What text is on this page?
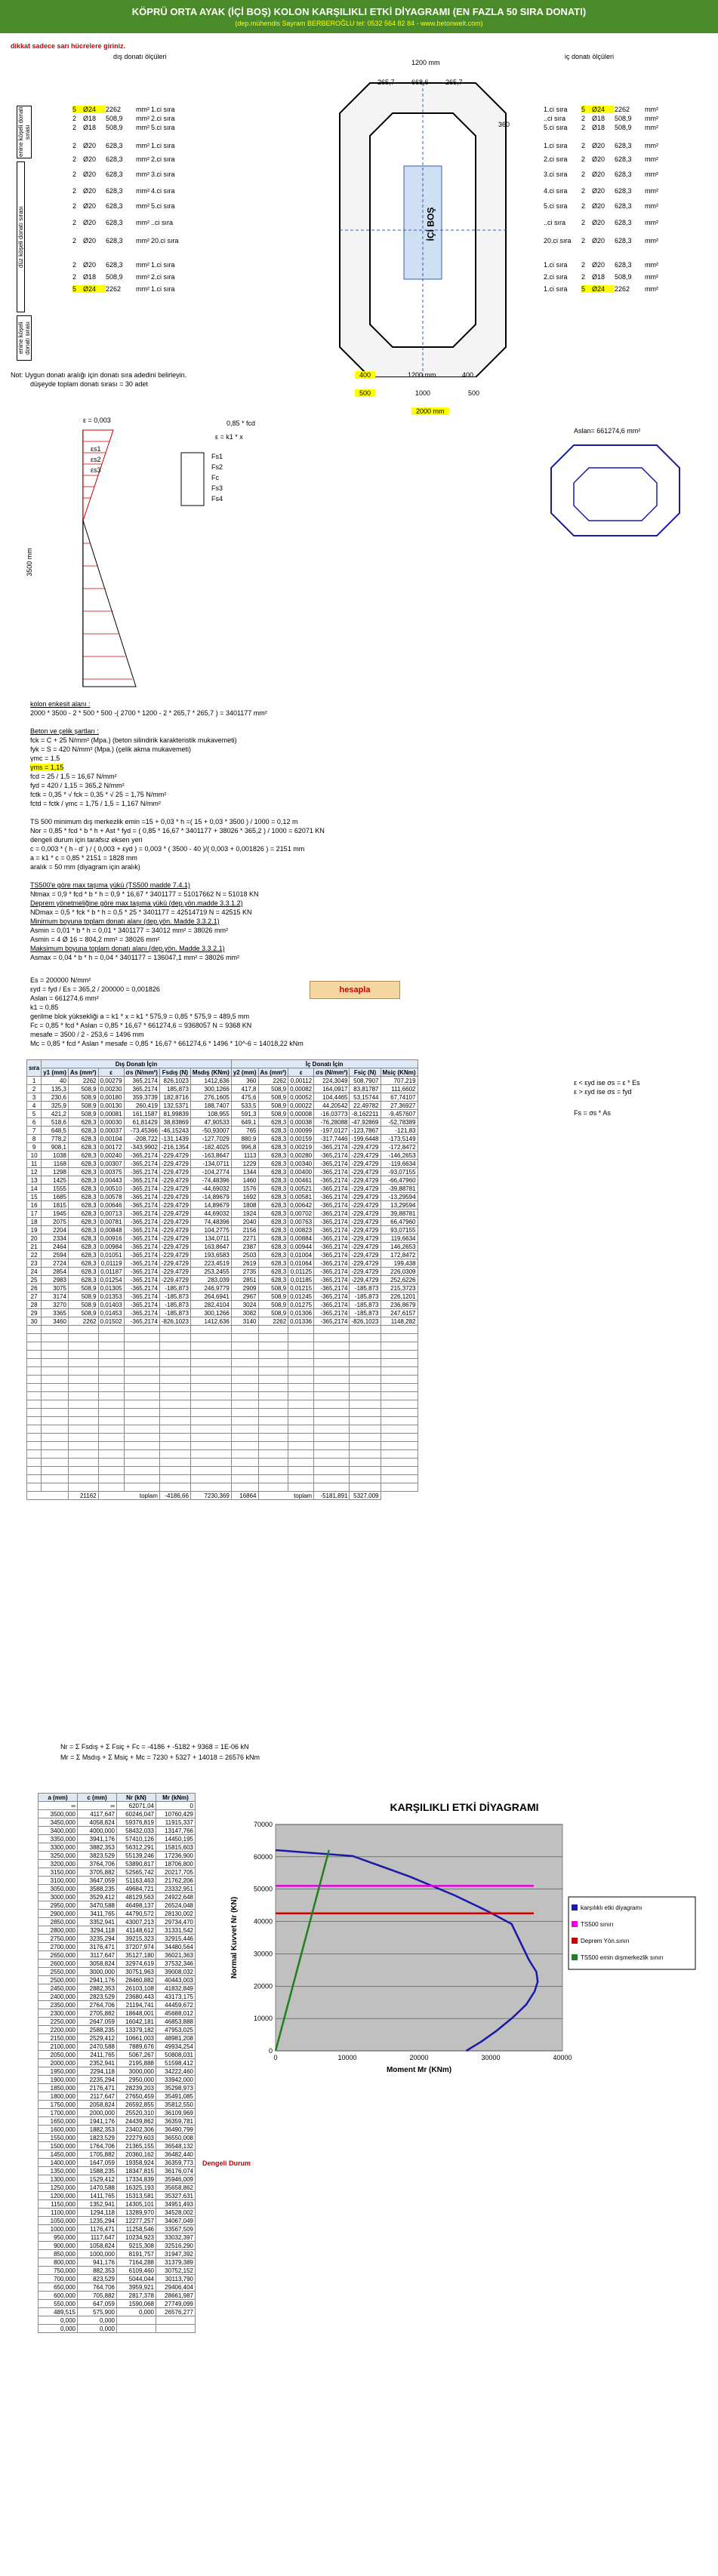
KÖPRÜ ORTA AYAK (İÇİ BOŞ) KOLON KARŞILIKLI ETKİ DİYAGRAMI (EN FAZLA 50 SIRA DONATI)
(dep.mühendis Sayram BERBEROĞLU tel: 0532 564 82 84 - www.betonwelt.com)
dikkat sadece sarı hücrelere giriniz.
dış donatı ölçüleri	iç donatı ölçüleri
enine köşeli donatı sırası
düz köşeli donatı sırası
enine köşeli donatı sırası
5 Ø24 2262 mm² 1.ci sıra
2 Ø18 508,9 mm² 2.ci sıra
2 Ø18 508,9 mm² 5.ci sıra
2 Ø20 628,3 mm² 1.ci sıra
2 Ø20 628,3 mm² 2.ci sıra
2 Ø20 628,3 mm² 3.ci sıra
2 Ø20 628,3 mm² 4.ci sıra
2 Ø20 628,3 mm² 5.ci sıra
2 Ø20 628,3 mm² ..ci sıra
2 Ø20 628,3 mm² 20.ci sıra
2 Ø20 628,3 mm² 1.ci sıra
2 Ø18 508,9 mm² 2.ci sıra
5 Ø24 2262 mm² 1.ci sıra
1.ci sıra 5 Ø24 2262 mm²
..ci sıra 2 Ø18 508,9 mm²
5.ci sıra 2 Ø18 508,9 mm²
1.ci sıra 2 Ø20 628,3 mm²
2.ci sıra 2 Ø20 628,3 mm²
3.ci sıra 2 Ø20 628,3 mm²
4.ci sıra 2 Ø20 628,3 mm²
5.ci sıra 2 Ø20 628,3 mm²
..ci sıra 2 Ø20 628,3 mm²
20.ci sıra 2 Ø20 628,3 mm²
1.ci sıra 2 Ø20 628,3 mm²
2.ci sıra 2 Ø18 508,9 mm²
1.ci sıra 5 Ø24 2262 mm²
İÇİ BOŞ
1200 mm
265,7 668,6 265,7
360
400	1200 mm	400
500	1000	500
2000 mm
Not: Uygun donatı aralığı için donatı sıra adedini belirleyin.
düşeyde toplam donatı sırası = 30 adet
ε = 0,003	0,85 * fcd
ε = k1 * x
3500 mm
Fs1
Fs2
Fc
Fs3
Fs4
εs1
εs2
εs3
Aslan= 661274,6 mm²
kolon enkesit alanı :
2000 * 3500 - 2 * 500 * 500 -( 2700 * 1200 - 2 * 265,7 * 265,7 ) = 3401177 mm²
Beton ve çelik şartları :
fck = C + 25 N/mm² (Mpa.) (beton silindirik karakteristik mukavemeti)
fyk = S = 420 N/mm² (Mpa.) (çelik akma mukavemeti)
γmc = 1,5
γms = 1,15
fcd = 25 / 1,5 = 16,67 N/mm²
fyd = 420 / 1,15 = 365,2 N/mm²
fctk = 0,35 * √ fck = 0,35 * √ 25 = 1,75 N/mm²
fctd = fctk / γmc = 1,75 / 1,5 = 1,167 N/mm²
TS 500 minimum dış merkezlik emin =15 + 0,03 * h =( 15 + 0,03 * 3500 ) / 1000 = 0,12 m
Nor = 0,85 * fcd * b * h + Ast * fyd = ( 0,85 * 16,67 * 3401177 + 38026 * 365,2 ) / 1000 = 62071 KN
dengeli durum için tarafsız eksen yeri
c = 0,003 * ( h - d' ) / ( 0,003 + εyd ) = 0,003 * ( 3500 - 40 )/( 0,003 + 0,001826 ) = 2151 mm
a = k1 * c = 0,85 * 2151 = 1828 mm
aralık = 50 mm (diyagram için aralık)
TS500'e göre max taşıma yükü (TS500 madde 7.4.1)
Ntmax = 0,9 * fcd * b * h = 0,9 * 16,67 * 3401177 = 51017662 N = 51018 KN
Deprem yönetmeliğine göre max taşıma yükü (dep.yön.madde 3.3.1.2)
NDmax = 0,5 * fck * b * h = 0,5 * 25 * 3401177 = 42514719 N = 42515 KN
Minimum boyuna toplam donatı alanı (dep.yön. Madde 3.3.2.1)
Asmin = 0,01 * b * h = 0,01 * 3401177 = 34012 mm² = 38026 mm²
Asmin = 4 Ø 16 = 804,2 mm² = 38026 mm²
Maksimum boyuna toplam donatı alanı (dep.yön. Madde 3.3.2.1)
Asmax = 0,04 * b * h = 0,04 * 3401177 = 136047,1 mm² = 38026 mm²
Es = 200000 N/mm²
εyd = fyd / Es = 365,2 / 200000 = 0,001826
Aslan = 661274,6 mm²
k1 = 0,85
gerilme blok yüksekliği a = k1 * x = k1 * 575,9 = 0,85 * 575,9 = 489,5 mm
Fc = 0,85 * fcd * Aslan = 0,85 * 16,67 * 661274,6 = 9368057 N = 9368 KN
mesafe = 3500 / 2 - 253,6 = 1496 mm
Mc = 0,85 * fcd * Aslan * mesafe = 0,85 * 16,67 * 661274,6 * 1496 * 10^-6 = 14018,22 kNm
hesapla
ε < εyd ise σs = ε * Es
ε > εyd ise σs = fyd
Fs = σs * As
sıra	Dış Donatı İçin						İç Donatı İçin					
	y1 (mm)	As (mm²)	ε	σs (N/mm²)	Fsdış (N)	Msdış (KNm)	y2 (mm)	As (mm²)	ε	σs (N/mm²)	Fsiç (N)	Msiç (KNm)
1	40	2262	0,00279	365,2174	826,1023	1412,636	360	2262	0,00112	224,3049	508,7907	707,219
2	135,3	508,9	0,00230	365,2174	185,873	300,1266	417,8	508,9	0,00082	164,0917	83,81787	111,6602
3	230,6	508,9	0,00180	359,3739	182,8716	276,1605	475,6	508,9	0,00052	104,4465	53,15744	67,74107
4	325,9	508,9	0,00130	260,419	132,5371	188,7407	533,5	508,9	0,00022	44,20542	22,49782	27,36927
5	421,2	508,9	0,00081	161,1587	81,99839	108,955	591,3	508,9	0,00008	-16,03773	-8,162211	-9,457607
6	518,6	628,3	0,00030	61,81429	38,83869	47,90533	649,1	628,3	0,00038	-76,28088	-47,92869	-52,78389
7	648,5	628,3	0,00037	-73,45366	-46,15243	-50,93007	765	628,3	0,00099	-197,0127	-123,7867	-121,83
8	778,2	628,3	0,00104	-208,722	-131,1439	-127,7029	880,9	628,3	0,00159	-317,7446	-199,6448	-173,5149
9	908,1	628,3	0,00172	-343,9902	-216,1354	-182,4025	996,8	628,3	0,00219	-365,2174	-229,4729	-172,8472
10	1038	628,3	0,00240	-365,2174	-229,4729	-163,8647	1113	628,3	0,00280	-365,2174	-229,4729	-146,2653
11	1168	628,3	0,00307	-365,2174	-229,4729	-134,0711	1229	628,3	0,00340	-365,2174	-229,4729	-119,6634
12	1298	628,3	0,00375	-365,2174	-229,4729	-104,2774	1344	628,3	0,00400	-365,2174	-229,4729	-93,07155
13	1425	628,3	0,00443	-365,2174	-229,4729	-74,48396	1460	628,3	0,00461	-365,2174	-229,4729	-66,47960
14	1555	628,3	0,00510	-365,2174	-229,4729	-44,69032	1576	628,3	0,00521	-365,2174	-229,4729	-39,88781
15	1685	628,3	0,00578	-365,2174	-229,4729	-14,89679	1692	628,3	0,00581	-365,2174	-229,4729	-13,29594
16	1815	628,3	0,00646	-365,2174	-229,4729	14,89679	1808	628,3	0,00642	-365,2174	-229,4729	13,29594
17	1945	628,3	0,00713	-365,2174	-229,4729	44,69032	1924	628,3	0,00702	-365,2174	-229,4729	39,88781
18	2075	628,3	0,00781	-365,2174	-229,4729	74,48396	2040	628,3	0,00763	-365,2174	-229,4729	66,47960
19	2204	628,3	0,00848	-365,2174	-229,4729	104,2775	2156	628,3	0,00823	-365,2174	-229,4729	93,07155
20	2334	628,3	0,00916	-365,2174	-229,4729	134,0711	2271	628,3	0,00884	-365,2174	-229,4729	119,6634
21	2464	628,3	0,00984	-365,2174	-229,4729	163,8647	2387	628,3	0,00944	-365,2174	-229,4729	146,2653
22	2594	628,3	0,01051	-365,2174	-229,4729	193,6583	2503	628,3	0,01004	-365,2174	-229,4729	172,8472
23	2724	628,3	0,01119	-365,2174	-229,4729	223,4519	2619	628,3	0,01064	-365,2174	-229,4729	199,438
24	2854	628,3	0,01187	-365,2174	-229,4729	253,2455	2735	628,3	0,01125	-365,2174	-229,4729	226,0309
25	2983	628,3	0,01254	-365,2174	-229,4729	283,039	2851	628,3	0,01185	-365,2174	-229,4729	252,6226
26	3075	508,9	0,01305	-365,2174	-185,873	246,9779	2909	508,9	0,01215	-365,2174	-185,873	215,3723
27	3174	508,9	0,01353	-365,2174	-185,873	264,6941	2967	508,9	0,01245	-365,2174	-185,873	226,1201
28	3270	508,9	0,01403	-365,2174	-185,873	282,4104	3024	508,9	0,01275	-365,2174	-185,873	236,8679
29	3365	508,9	0,01453	-365,2174	-185,873	300,1266	3082	508,9	0,01306	-365,2174	-185,873	247,6157
30	3460	2262	0,01502	-365,2174	-826,1023	1412,636	3140	2262	0,01336	-365,2174	-826,1023	1148,282

		21162	toplam		-4186,66	7230,369	16864	toplam		-5181,891	5327,009	
Nr = Σ Fsdış + Σ Fsiç + Fc = -4186 + -5182 + 9368 = 1E-06 kN
Mr = Σ Msdış + Σ Msiç + Mc = 7230 + 5327 + 14018 = 26576 kNm
a (mm)	c (mm)	Nr (kN)	Mr (kNm)
∞	∞	62071,04	0
3500,000	4117,647	60246,047	10760,429
3450,000	4058,824	59376,819	11915,337
3400,000	4000,000	58432,033	13147,766
3350,000	3941,176	57410,126	14450,195
3300,000	3882,353	56312,291	15815,603
3250,000	3823,529	55139,246	17236,900
3200,000	3764,706	53890,817	18706,800
3150,000	3705,882	52565,742	20217,705
3100,000	3647,059	51163,463	21762,206
3050,000	3588,235	49684,721	23332,951
3000,000	3529,412	48129,563	24922,648
2950,000	3470,588	46498,137	26524,048
2900,000	3411,765	44790,572	28130,002
2850,000	3352,941	43007,213	29734,470
2800,000	3294,118	41148,612	31331,542
2750,000	3235,294	39215,323	32915,446
2700,000	3176,471	37207,974	34480,564
2650,000	3117,647	35127,180	36021,363
2600,000	3058,824	32974,619	37532,346
2550,000	3000,000	30751,963	39008,032
2500,000	2941,176	28460,882	40443,003
2450,000	2882,353	26103,108	41832,849
2400,000	2823,529	23680,443	43173,175
2350,000	2764,706	21194,741	44459,672
2300,000	2705,882	18648,001	45688,012
2250,000	2647,059	16042,181	46853,888
2200,000	2588,235	13379,182	47953,025
2150,000	2529,412	10661,003	48981,208
2100,000	2470,588	7889,676	49934,254
2050,000	2411,765	5067,267	50808,031
2000,000	2352,941	2195,888	51598,412
1950,000	2294,118	3000,000	34222,460
1900,000	2235,294	2950,000	33942,000
1850,000	2176,471	28239,203	35298,973
1800,000	2117,647	27650,459	35491,085
1750,000	2058,824	26592,855	35812,550
1700,000	2000,000	25520,310	36109,969
1650,000	1941,176	24439,862	36359,781
1600,000	1882,353	23402,306	36490,799
1550,000	1823,529	22279,603	36550,008
1500,000	1764,706	21365,155	36548,132
1450,000	1705,882	20360,162	36482,440
1400,000	1647,059	19358,924	36359,773
1350,000	1588,235	18347,815	36176,074
1300,000	1529,412	17334,839	35946,009
1250,000	1470,588	16325,193	35658,862
1200,000	1411,765	15313,581	35327,631
1150,000	1352,941	14305,101	34951,493
1100,000	1294,118	13289,970	34528,002
1050,000	1235,294	12277,257	34067,049
1000,000	1176,471	11258,546	33567,509
950,000	1117,647	10234,923	33032,397
900,000	1058,824	9215,308	32516,290
850,000	1000,000	8191,757	31947,392
800,000	941,176	7164,288	31379,389
750,000	882,353	6109,460	30752,152
700,000	823,529	5044,044	30113,790
650,000	764,706	3959,921	29406,404
600,000	705,882	2817,378	28661,987
550,000	647,059	1590,068	27749,099
489,515	575,900	0,000	26576,277
0,000	0,000		
0,000	0,000		
Dengeli Durum
0
10000
20000
30000
40000
50000
60000
70000
0	10000	20000	30000	40000
KARŞILIKLI ETKİ DİYAGRAMI
Moment Mr (KNm)
Normal Kuvvet Nr (KN)	karşılıklı etki diyagramı
TS500 sınırı
Deprem Yön.sınırı
TS500 emin dışmerkezlik sınırı
